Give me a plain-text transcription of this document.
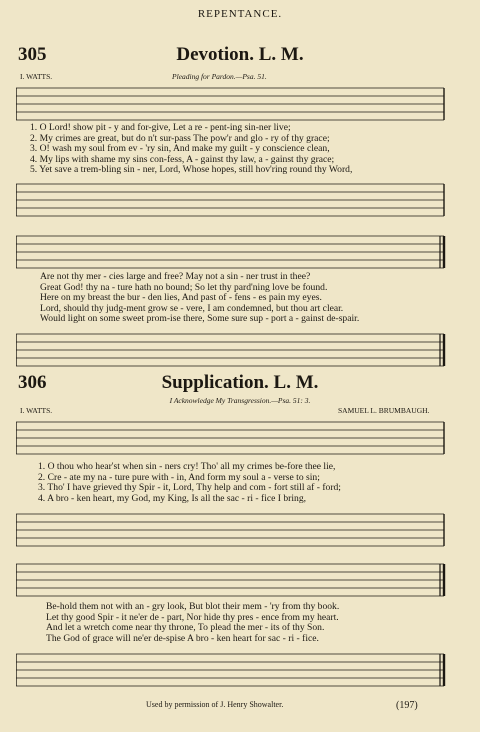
REPENTANCE.
305	Devotion. L. M.
I. WATTS.	Pleading for Pardon.—Psa. 51.
1. O Lord! show pit - y and for-give, Let a re - pent-ing sin-ner live;
2. My crimes are great, but do n't sur-pass The pow'r and glo - ry of thy grace;
3. O! wash my soul from ev - 'ry sin, And make my guilt - y conscience clean,
4. My lips with shame my sins con-fess, A - gainst thy law, a - gainst thy grace;
5. Yet save a trem-bling sin - ner, Lord, Whose hopes, still hov'ring round thy Word,
Are not thy mer - cies large and free? May not a sin - ner trust in thee?
Great God! thy na - ture hath no bound; So let thy pard'ning love be found.
Here on my breast the bur - den lies, And past of - fens - es pain my eyes.
Lord, should thy judg-ment grow se - vere, I am condemned, but thou art clear.
Would light on some sweet prom-ise there, Some sure sup - port a - gainst de-spair.
306	Supplication. L. M.
I Acknowledge My Transgression.—Psa. 51: 3.
I. WATTS.	SAMUEL L. BRUMBAUGH.
1. O thou who hear'st when sin - ners cry! Tho' all my crimes be-fore thee lie,
2. Cre - ate my na - ture pure with - in, And form my soul a - verse to sin;
3. Tho' I have grieved thy Spir - it, Lord, Thy help and com - fort still af - ford;
4. A bro - ken heart, my God, my King, Is all the sac - ri - fice I bring,
Be-hold them not with an - gry look, But blot their mem - 'ry from thy book.
Let thy good Spir - it ne'er de - part, Nor hide thy pres - ence from my heart.
And let a wretch come near thy throne, To plead the mer - its of thy Son.
The God of grace will ne'er de-spise A bro - ken heart for sac - ri - fice.
Used by permission of J. Henry Showalter.	(197)
